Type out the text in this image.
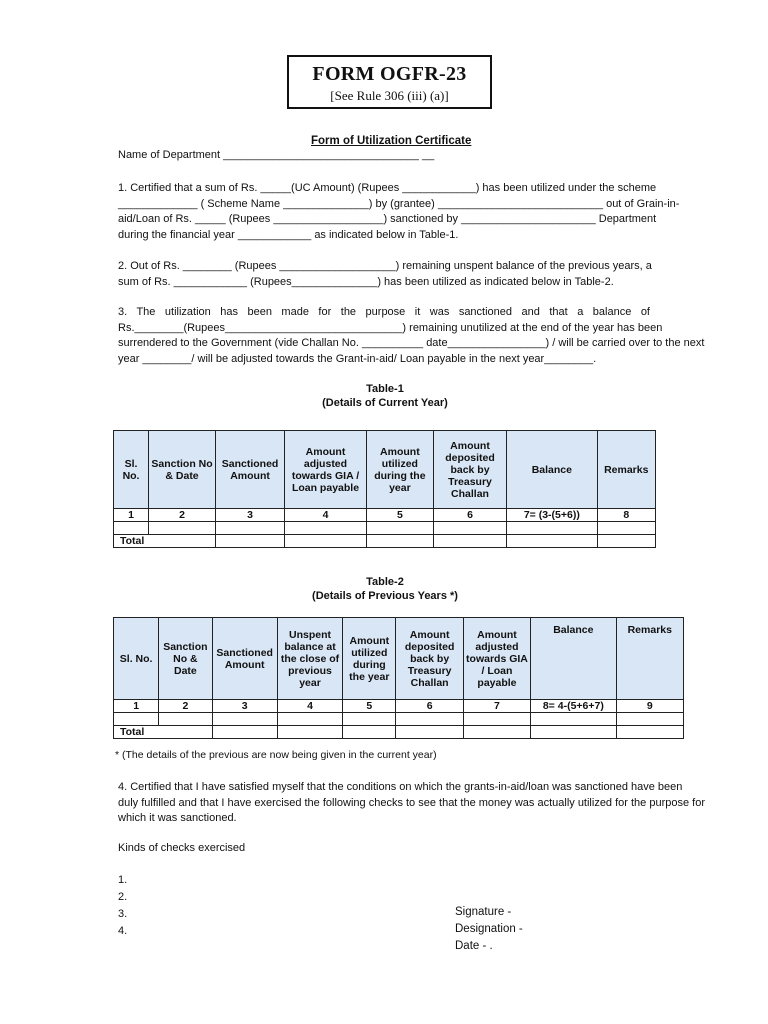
FORM OGFR-23
[See Rule 306 (iii) (a)]
Form of Utilization Certificate
Name of Department ________________________________ __
1. Certified that a sum of Rs. _____(UC Amount) (Rupees ____________) has been utilized under the scheme
_____________ ( Scheme Name ______________) by (grantee) ___________________________ out of Grain-in-
aid/Loan of Rs. _____ (Rupees __________________) sanctioned by ______________________ Department
during the financial year ____________ as indicated below in Table-1.
2. Out of Rs. ________ (Rupees ___________________) remaining unspent balance of the previous years, a
sum of Rs. ____________ (Rupees______________) has been utilized as indicated below in Table-2.
3. The utilization has been made for the purpose it was sanctioned and that a balance of
Rs.________(Rupees_____________________________) remaining unutilized at the end of the year has been
surrendered to the Government (vide Challan No. __________ date________________) / will be carried over to the next
year ________/ will be adjusted towards the Grant-in-aid/ Loan payable in the next year________.
Table-1
(Details of Current Year)
Sl. No.	Sanction No & Date	Sanctioned Amount	Amount adjusted towards GIA / Loan payable	Amount utilized during the year	Amount deposited back by Treasury Challan	Balance	Remarks
1	2	3	4	5	6	7= (3-(5+6))	8

Total							
Table-2
(Details of Previous Years *)
Sl. No.	Sanction No & Date	Sanctioned Amount	Unspent balance at the close of previous year	Amount utilized during the year	Amount deposited back by Treasury Challan	Amount adjusted towards GIA / Loan payable	Balance	Remarks
1	2	3	4	5	6	7	8= 4-(5+6+7)	9

Total								
* (The details of the previous are now being given in the current year)
4. Certified that I have satisfied myself that the conditions on which the grants-in-aid/loan was sanctioned have been
duly fulfilled and that I have exercised the following checks to see that the money was actually utilized for the purpose for
which it was sanctioned.
Kinds of checks exercised
1.
2.
3.
4.
Signature -
Designation -
Date - .
